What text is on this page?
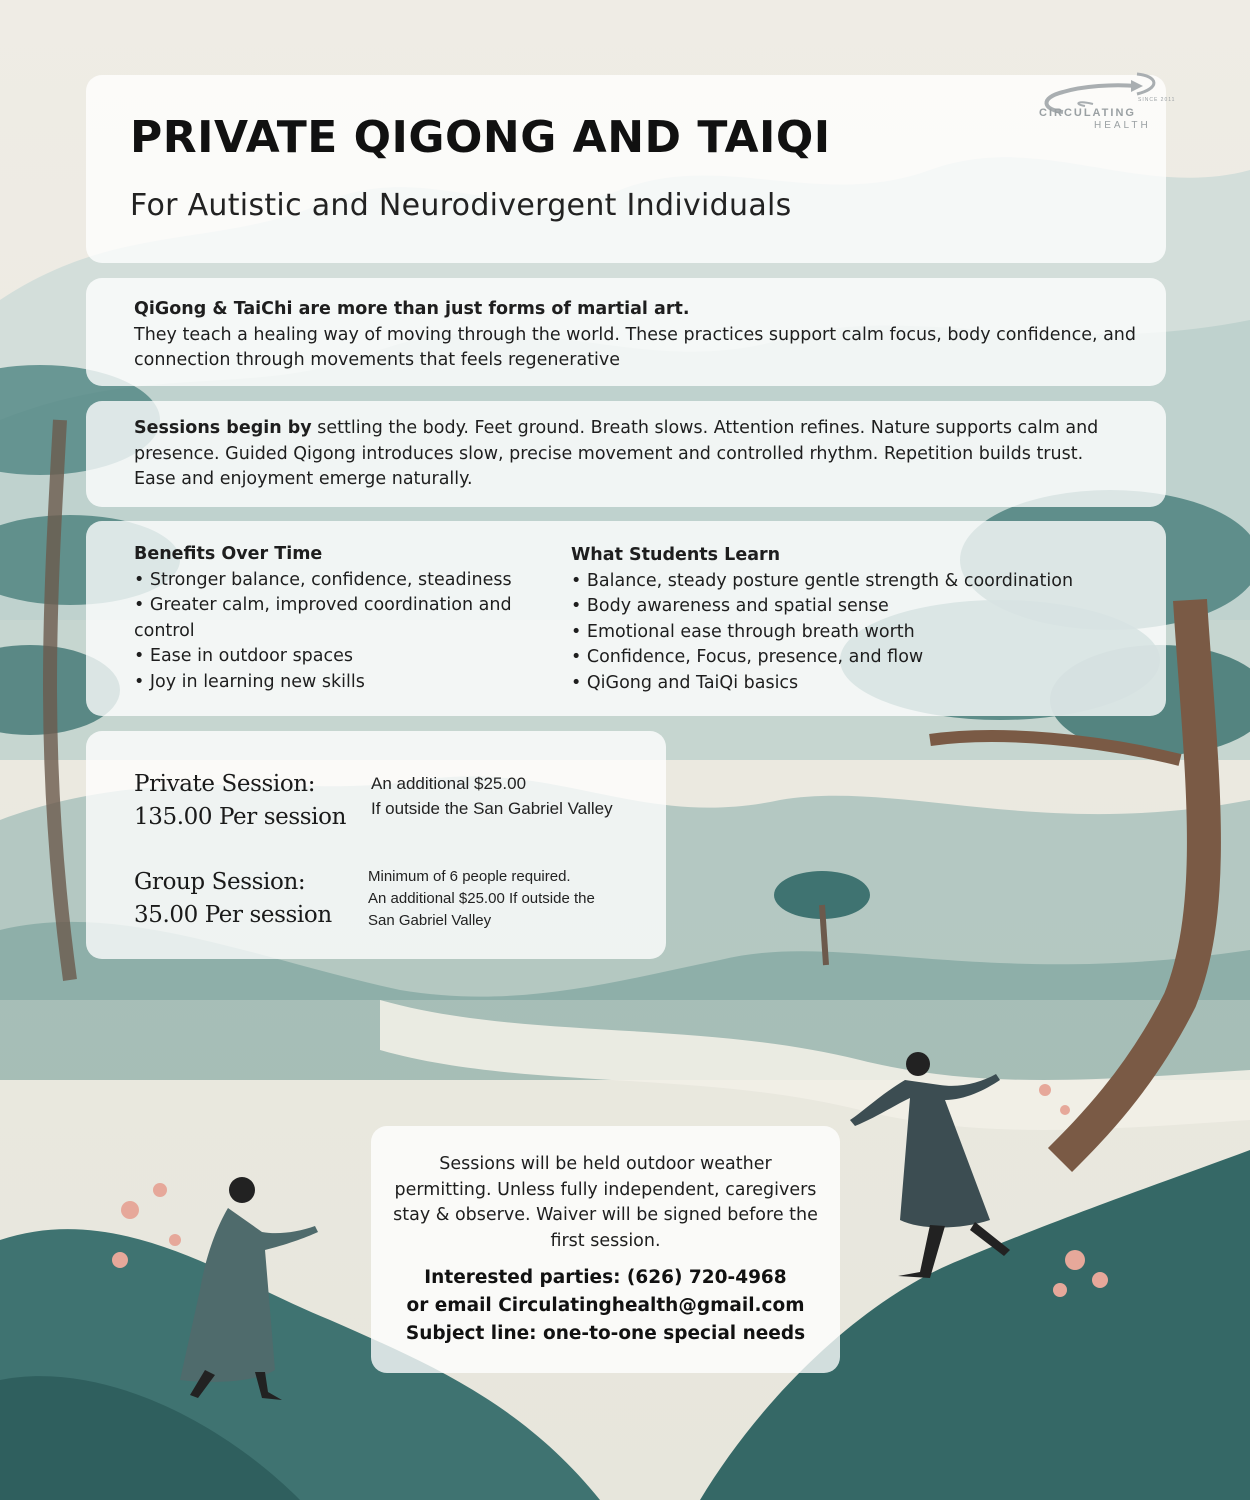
PRIVATE QIGONG AND TAIQI
For Autistic and Neurodivergent Individuals
SINCE 2011
CIRCULATING
HEALTH
QiGong & TaiChi are more than just forms of martial art.
They teach a healing way of moving through the world. These practices support calm focus, body confidence, and connection through movements that feels regenerative
Sessions begin by settling the body. Feet ground. Breath slows. Attention refines. Nature supports calm and presence. Guided Qigong introduces slow, precise movement and controlled rhythm. Repetition builds trust. Ease and enjoyment emerge naturally.
Benefits Over Time
• Stronger balance, confidence, steadiness
• Greater calm, improved coordination and control
• Ease in outdoor spaces
• Joy in learning new skills
What Students Learn
• Balance, steady posture gentle strength & coordination
• Body awareness and spatial sense
• Emotional ease through breath worth
• Confidence, Focus, presence, and flow
• QiGong and TaiQi basics
Private Session:
135.00 Per session
An additional $25.00
If outside the San Gabriel Valley
Group Session:
35.00 Per session
Minimum of 6 people required.
An additional $25.00 If outside the
San Gabriel Valley
Sessions will be held outdoor weather permitting. Unless fully independent, caregivers stay & observe. Waiver will be signed before the first session.
Interested parties: (626) 720-4968
or email Circulatinghealth@gmail.com
Subject line: one-to-one special needs
